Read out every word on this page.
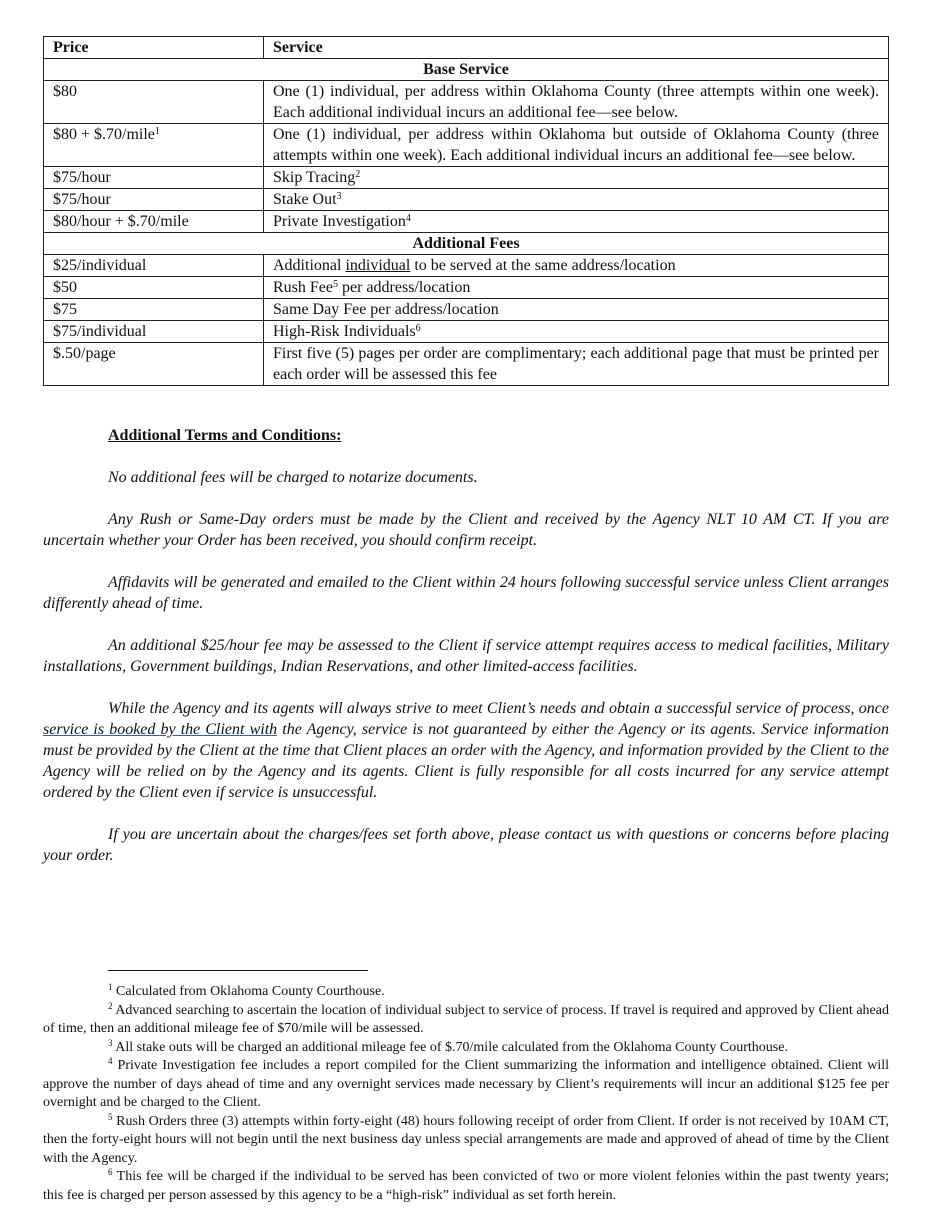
Price	Service
Base Service	
$80	One (1) individual, per address within Oklahoma County (three attempts within one week). Each additional individual incurs an additional fee—see below.
$80 + $.70/mile$^1$	One (1) individual, per address within Oklahoma but outside of Oklahoma County (three attempts within one week). Each additional individual incurs an additional fee—see below.
$75/hour	Skip Tracing$^2$
$75/hour	Stake Out$^3$
$80/hour + $.70/mile	Private Investigation$^4$
Additional Fees	
$25/individual	Additional individual to be served at the same address/location
$50	Rush Fee$^5$ per address/location
$75	Same Day Fee per address/location
$75/individual	High-Risk Individuals$^6$
$.50/page	First five (5) pages per order are complimentary; each additional page that must be printed per each order will be assessed this fee
Additional Terms and Conditions:

No additional fees will be charged to notarize documents.

Any Rush or Same-Day orders must be made by the Client and received by the Agency NLT 10 AM CT. If you are uncertain whether your Order has been received, you should confirm receipt.

Affidavits will be generated and emailed to the Client within 24 hours following successful service unless Client arranges differently ahead of time.

An additional $25/hour fee may be assessed to the Client if service attempt requires access to medical facilities, Military installations, Government buildings, Indian Reservations, and other limited-access facilities.

While the Agency and its agents will always strive to meet Client’s needs and obtain a successful service of process, once service is booked by the Client with the Agency, service is not guaranteed by either the Agency or its agents. Service information must be provided by the Client at the time that Client places an order with the Agency, and information provided by the Client to the Agency will be relied on by the Agency and its agents. Client is fully responsible for all costs incurred for any service attempt ordered by the Client even if service is unsuccessful.

If you are uncertain about the charges/fees set forth above, please contact us with questions or concerns before placing your order.

$^1$ Calculated from Oklahoma County Courthouse.

$^2$ Advanced searching to ascertain the location of individual subject to service of process. If travel is required and approved by Client ahead of time, then an additional mileage fee of $70/mile will be assessed.

$^3$ All stake outs will be charged an additional mileage fee of $.70/mile calculated from the Oklahoma County Courthouse.

$^4$ Private Investigation fee includes a report compiled for the Client summarizing the information and intelligence obtained. Client will approve the number of days ahead of time and any overnight services made necessary by Client’s requirements will incur an additional $125 fee per overnight and be charged to the Client.

$^5$ Rush Orders three (3) attempts within forty-eight (48) hours following receipt of order from Client. If order is not received by 10AM CT, then the forty-eight hours will not begin until the next business day unless special arrangements are made and approved of ahead of time by the Client with the Agency.

$^6$ This fee will be charged if the individual to be served has been convicted of two or more violent felonies within the past twenty years; this fee is charged per person assessed by this agency to be a “high-risk” individual as set forth herein.
